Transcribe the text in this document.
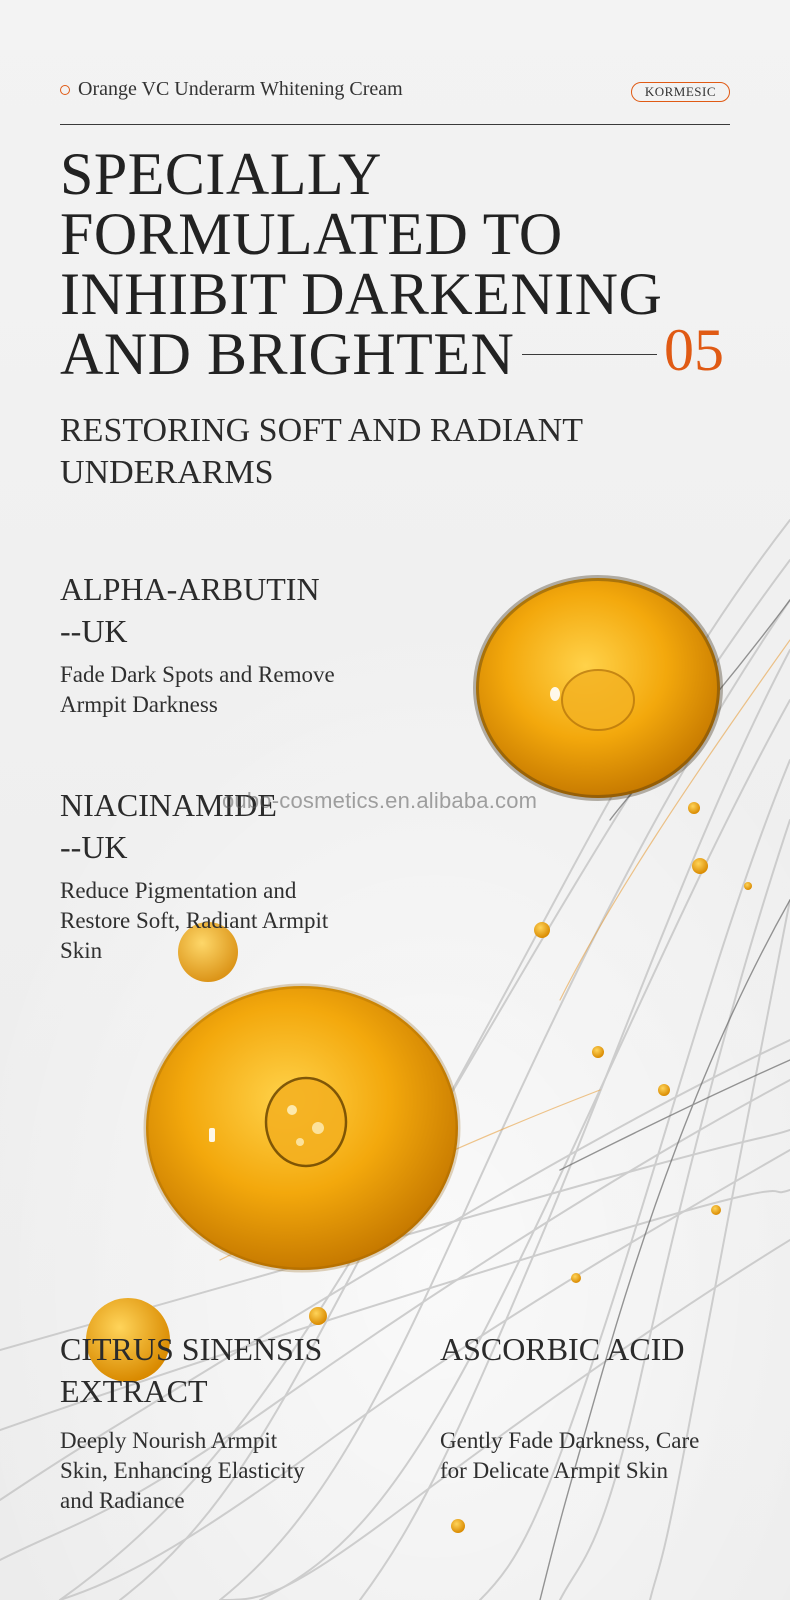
Orange VC Underarm Whitening Cream	KORMESIC
SPECIALLY
FORMULATED TO
INHIBIT DARKENING
AND BRIGHTEN	05
RESTORING SOFT AND RADIANT UNDERARMS
ALPHA-ARBUTIN
--UK
Fade Dark Spots and Remove Armpit Darkness
NIACINAMIDE
--UK
Reduce Pigmentation and Restore Soft, Radiant Armpit Skin
CITRUS SINENSIS EXTRACT
Deeply Nourish Armpit Skin, Enhancing Elasticity and Radiance
ASCORBIC ACID
Gently Fade Darkness, Care for Delicate Armpit Skin
oubo-cosmetics.en.alibaba.com
